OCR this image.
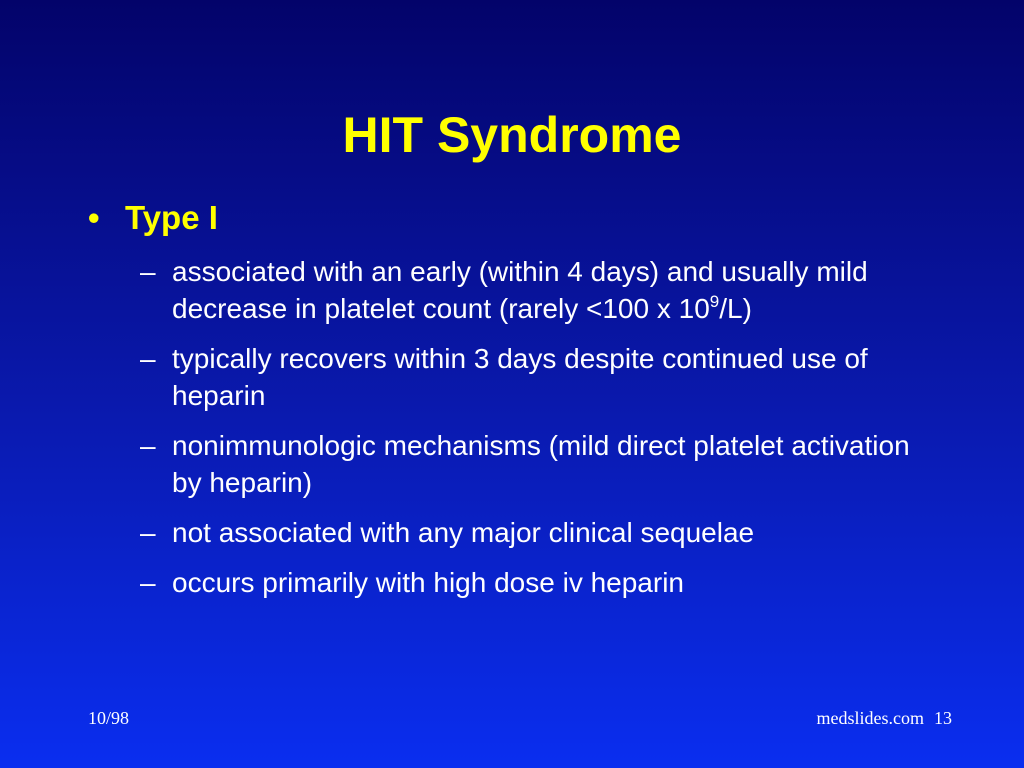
HIT Syndrome
• Type I
– associated with an early (within 4 days) and usually mild decrease in platelet count (rarely <100 x $10^9/L$)
– typically recovers within 3 days despite continued use of heparin
– nonimmunologic mechanisms (mild direct platelet activation by heparin)
– not associated with any major clinical sequelae
– occurs primarily with high dose iv heparin
10/98	medslides.com 13
